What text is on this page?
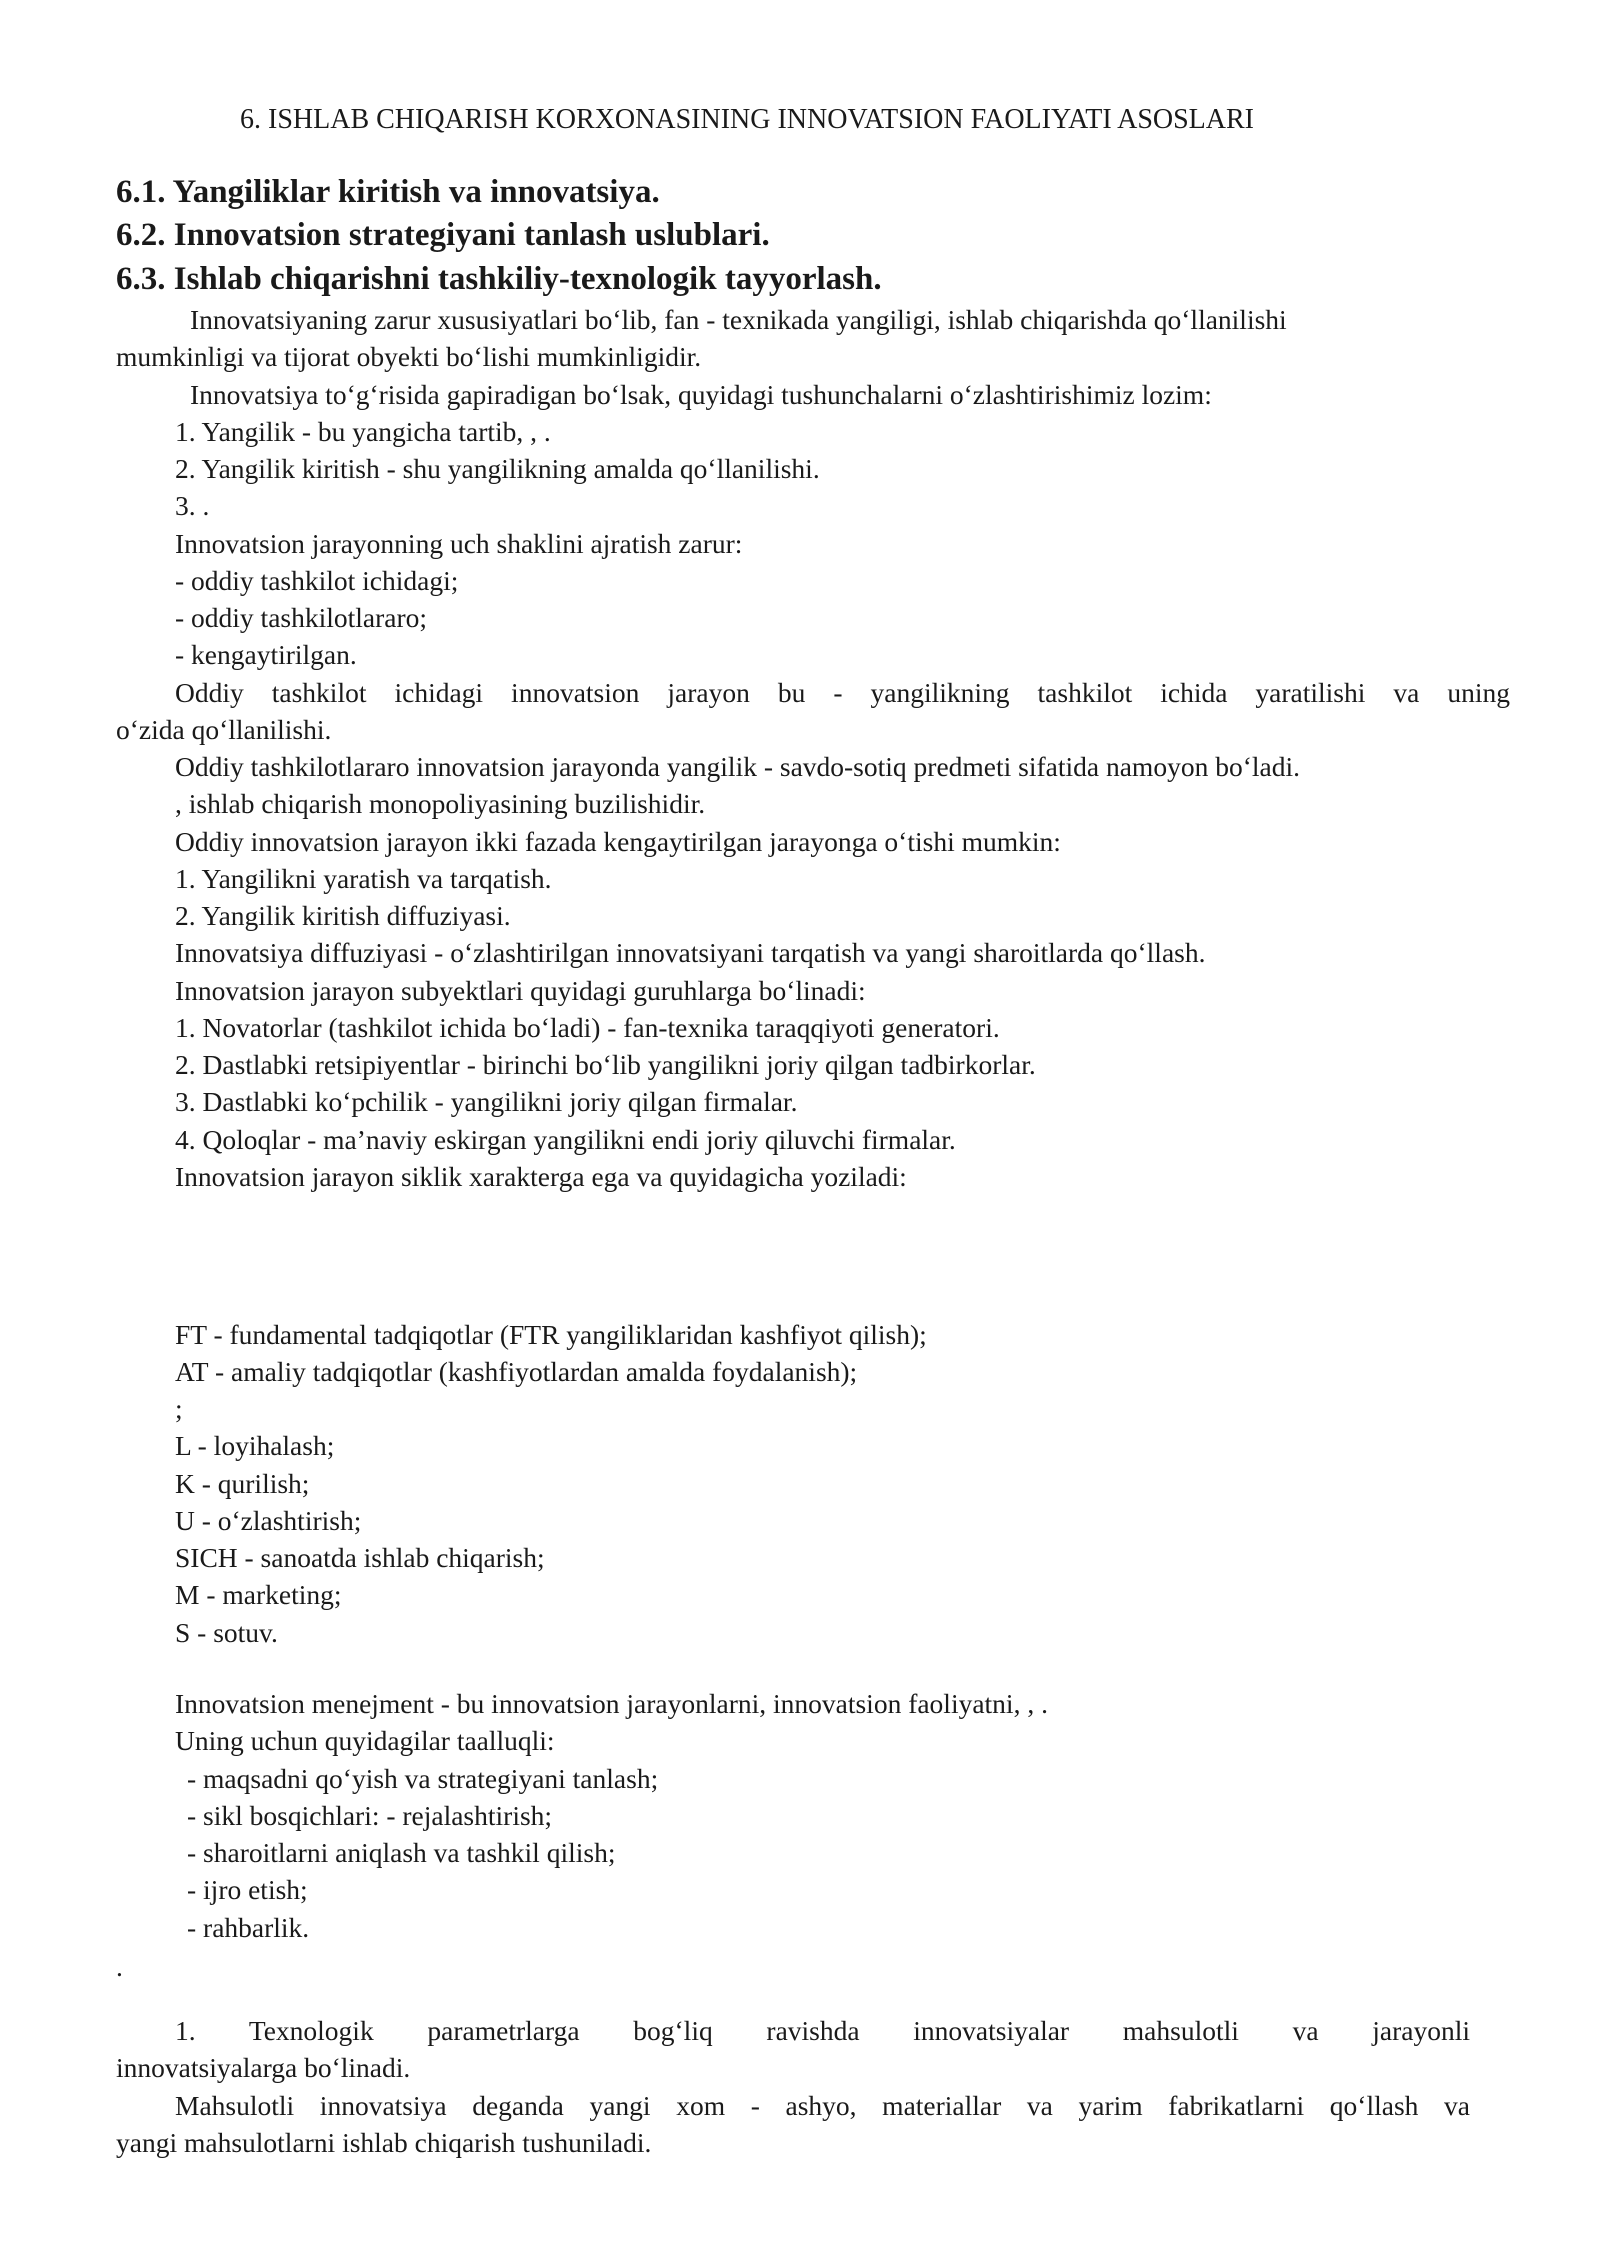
6. ISHLAB CHIQARISH KORXONASINING INNOVATSION FAOLIYATI ASOSLARI
6.1. Yangiliklar kiritish va innovatsiya.
6.2. Innovatsion strategiyani tanlash uslublari.
6.3. Ishlab chiqarishni tashkiliy-texnologik tayyorlash.
Innovatsiyaning zarur xususiyatlari bo‘lib, fan - texnikada yangiligi, ishlab chiqarishda qo‘llanilishi
mumkinligi va tijorat obyekti bo‘lishi mumkinligidir.
Innovatsiya to‘g‘risida gapiradigan bo‘lsak, quyidagi tushunchalarni o‘zlashtirishimiz lozim:
1. Yangilik - bu yangicha tartib, , .
2. Yangilik kiritish - shu yangilikning amalda qo‘llanilishi.
3. .
Innovatsion jarayonning uch shaklini ajratish zarur:
- oddiy tashkilot ichidagi;
- oddiy tashkilotlararo;
- kengaytirilgan.
Oddiy tashkilot ichidagi innovatsion jarayon bu - yangilikning tashkilot ichida yaratilishi va uning
o‘zida qo‘llanilishi.
Oddiy tashkilotlararo innovatsion jarayonda yangilik - savdo-sotiq predmeti sifatida namoyon bo‘ladi.
, ishlab chiqarish monopoliyasining buzilishidir.
Oddiy innovatsion jarayon ikki fazada kengaytirilgan jarayonga o‘tishi mumkin:
1. Yangilikni yaratish va tarqatish.
2. Yangilik kiritish diffuziyasi.
Innovatsiya diffuziyasi - o‘zlashtirilgan innovatsiyani tarqatish va yangi sharoitlarda qo‘llash.
Innovatsion jarayon subyektlari quyidagi guruhlarga bo‘linadi:
1. Novatorlar (tashkilot ichida bo‘ladi) - fan-texnika taraqqiyoti generatori.
2. Dastlabki retsipiyentlar - birinchi bo‘lib yangilikni joriy qilgan tadbirkorlar.
3. Dastlabki ko‘pchilik - yangilikni joriy qilgan firmalar.
4. Qoloqlar - ma’naviy eskirgan yangilikni endi joriy qiluvchi firmalar.
Innovatsion jarayon siklik xarakterga ega va quyidagicha yoziladi:
FT - fundamental tadqiqotlar (FTR yangiliklaridan kashfiyot qilish);
AT - amaliy tadqiqotlar (kashfiyotlardan amalda foydalanish);
;
L - loyihalash;
K - qurilish;
U - o‘zlashtirish;
SICH - sanoatda ishlab chiqarish;
M - marketing;
S - sotuv.
Innovatsion menejment - bu innovatsion jarayonlarni, innovatsion faoliyatni, , .
Uning uchun quyidagilar taalluqli:
- maqsadni qo‘yish va strategiyani tanlash;
- sikl bosqichlari: - rejalashtirish;
- sharoitlarni aniqlash va tashkil qilish;
- ijro etish;
- rahbarlik.
.
1. Texnologik parametrlarga bog‘liq ravishda innovatsiyalar mahsulotli va jarayonli
innovatsiyalarga bo‘linadi.
Mahsulotli innovatsiya deganda yangi xom - ashyo, materiallar va yarim fabrikatlarni qo‘llash va
yangi mahsulotlarni ishlab chiqarish tushuniladi.
